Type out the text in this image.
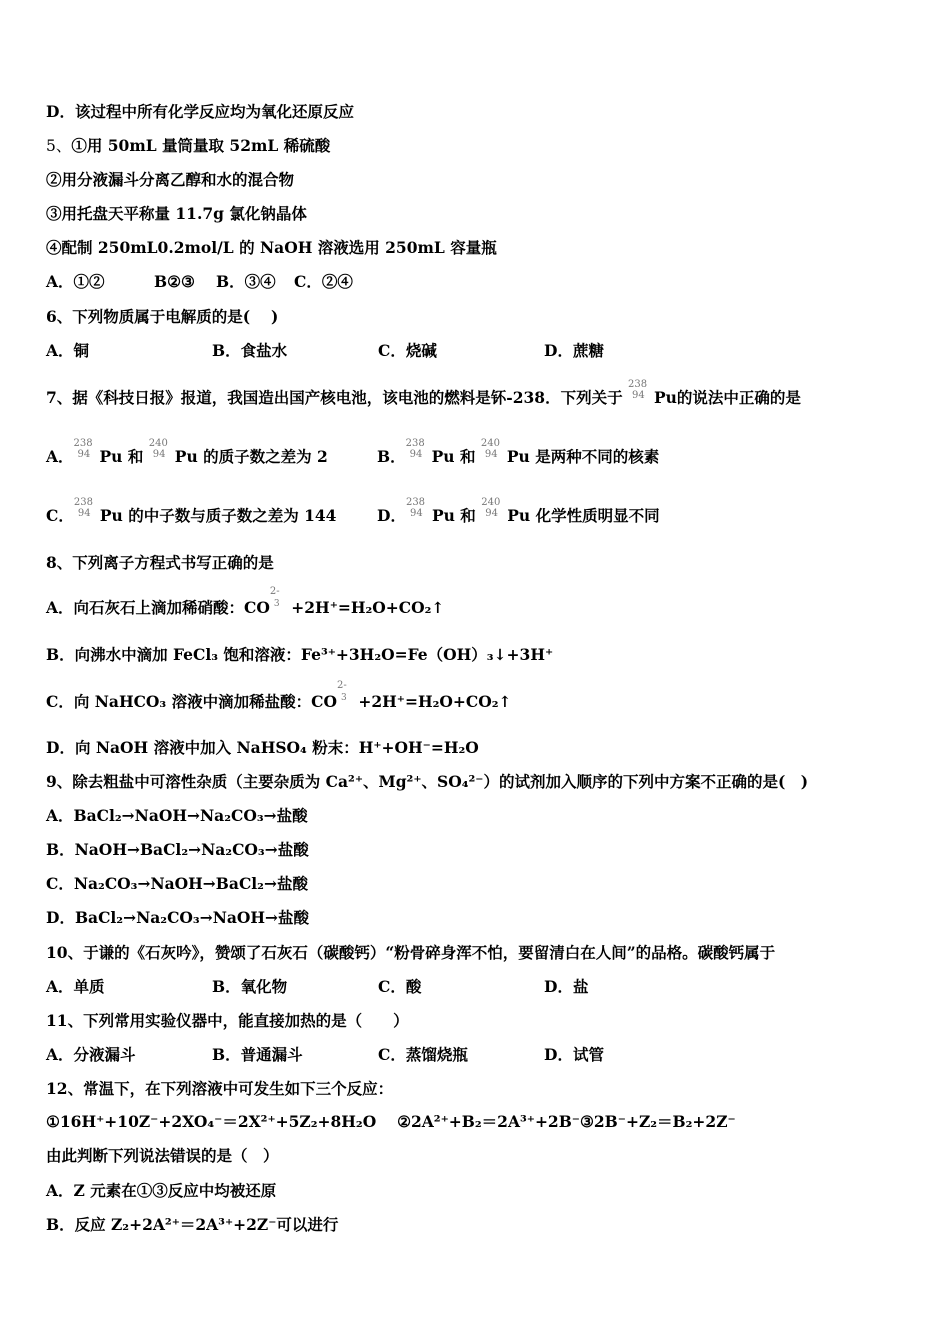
D．该过程中所有化学反应均为氧化还原反应
5、①用 50mL 量筒量取 52mL 稀硫酸
②用分液漏斗分离乙醇和水的混合物
③用托盘天平称量 11.7g 氯化钠晶体
④配制 250mL0.2mol/L 的 NaOH 溶液选用 250mL 容量瓶
A．①②	B②③ B．③④ C．②④
6、下列物质属于电解质的是(　 )
A．铜	B．食盐水	C．烧碱	D．蔗糖
7、据《科技日报》报道，我国造出国产核电池，该电池的燃料是钚-238．下列关于
238
94 Pu的说法中正确的是
A．
238
94 Pu 和
240
94 Pu 的质子数之差为 2	B．
238
94 Pu 和
240
94 Pu 是两种不同的核素
C．
238
94 Pu 的中子数与质子数之差为 144	D．
238
94 Pu 和
240
94 Pu 化学性质明显不同
8、下列离子方程式书写正确的是
A．向石灰石上滴加稀硝酸：CO
2-
3 +2H⁺=H₂O+CO₂↑
B．向沸水中滴加 FeCl₃ 饱和溶液：Fe³⁺+3H₂O=Fe（OH）₃↓+3H⁺
C．向 NaHCO₃ 溶液中滴加稀盐酸：CO
2-
3 +2H⁺=H₂O+CO₂↑
D．向 NaOH 溶液中加入 NaHSO₄ 粉末：H⁺+OH⁻=H₂O
9、除去粗盐中可溶性杂质（主要杂质为 Ca²⁺、Mg²⁺、SO₄²⁻）的试剂加入顺序的下列中方案不正确的是(　)
A．BaCl₂→NaOH→Na₂CO₃→盐酸
B．NaOH→BaCl₂→Na₂CO₃→盐酸
C．Na₂CO₃→NaOH→BaCl₂→盐酸
D．BaCl₂→Na₂CO₃→NaOH→盐酸
10、于谦的《石灰吟》，赞颂了石灰石（碳酸钙）“粉骨碎身浑不怕，要留清白在人间”的品格。碳酸钙属于
A．单质	B．氧化物	C．酸	D．盐
11、下列常用实验仪器中，能直接加热的是（　　）
A．分液漏斗	B．普通漏斗	C．蒸馏烧瓶	D．试管
12、常温下，在下列溶液中可发生如下三个反应：
①16H⁺+10Z⁻+2XO₄⁻＝2X²⁺+5Z₂+8H₂O　 ②2A²⁺+B₂＝2A³⁺+2B⁻③2B⁻+Z₂＝B₂+2Z⁻
由此判断下列说法错误的是（　）
A．Z 元素在①③反应中均被还原
B．反应 Z₂+2A²⁺＝2A³⁺+2Z⁻可以进行
